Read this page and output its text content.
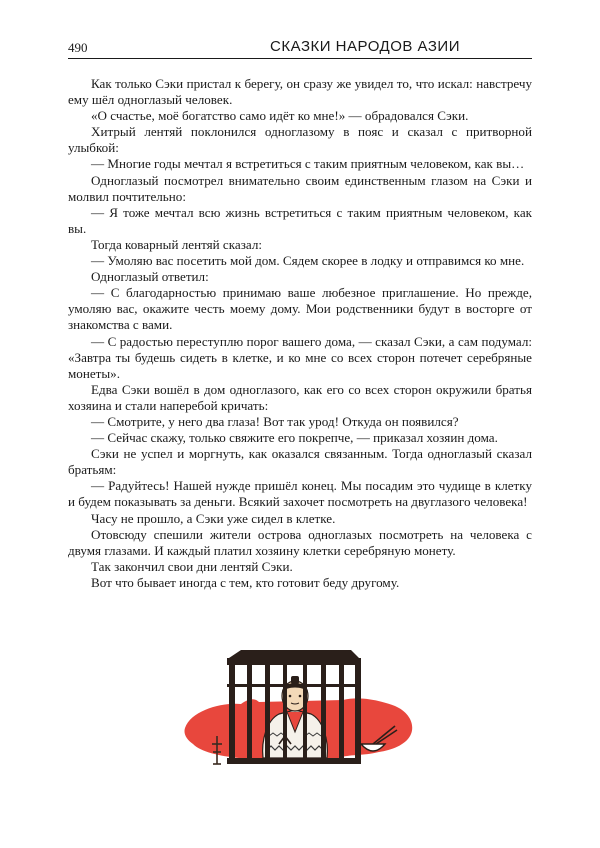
490	СКАЗКИ НАРОДОВ АЗИИ

Как только Сэки пристал к берегу, он сразу же увидел то, что искал: навстречу ему шёл одноглазый человек.

«О счастье, моё богатство само идёт ко мне!» — обрадовался Сэки.

Хитрый лентяй поклонился одноглазому в пояс и сказал с притворной улыбкой:

— Многие годы мечтал я встретиться с таким приятным человеком, как вы…

Одноглазый посмотрел внимательно своим единственным глазом на Сэки и молвил почтительно:

— Я тоже мечтал всю жизнь встретиться с таким приятным человеком, как вы.

Тогда коварный лентяй сказал:

— Умоляю вас посетить мой дом. Сядем скорее в лодку и отправимся ко мне.

Одноглазый ответил:

— С благодарностью принимаю ваше любезное приглашение. Но прежде, умоляю вас, окажите честь моему дому. Мои родственники будут в восторге от знакомства с вами.

— С радостью переступлю порог вашего дома, — сказал Сэки, а сам подумал: «Завтра ты будешь сидеть в клетке, и ко мне со всех сторон потечет серебряные монеты».

Едва Сэки вошёл в дом одноглазого, как его со всех сторон окружили братья хозяина и стали наперебой кричать:

— Смотрите, у него два глаза! Вот так урод! Откуда он появился?

— Сейчас скажу, только свяжите его покрепче, — приказал хозяин дома.

Сэки не успел и моргнуть, как оказался связанным. Тогда одноглазый сказал братьям:

— Радуйтесь! Нашей нужде пришёл конец. Мы посадим это чудище в клетку и будем показывать за деньги. Всякий захочет посмотреть на двуглазого человека!

Часу не прошло, а Сэки уже сидел в клетке.

Отовсюду спешили жители острова одноглазых посмотреть на человека с двумя глазами. И каждый платил хозяину клетки серебряную монету.

Так закончил свои дни лентяй Сэки.

Вот что бывает иногда с тем, кто готовит беду другому.
